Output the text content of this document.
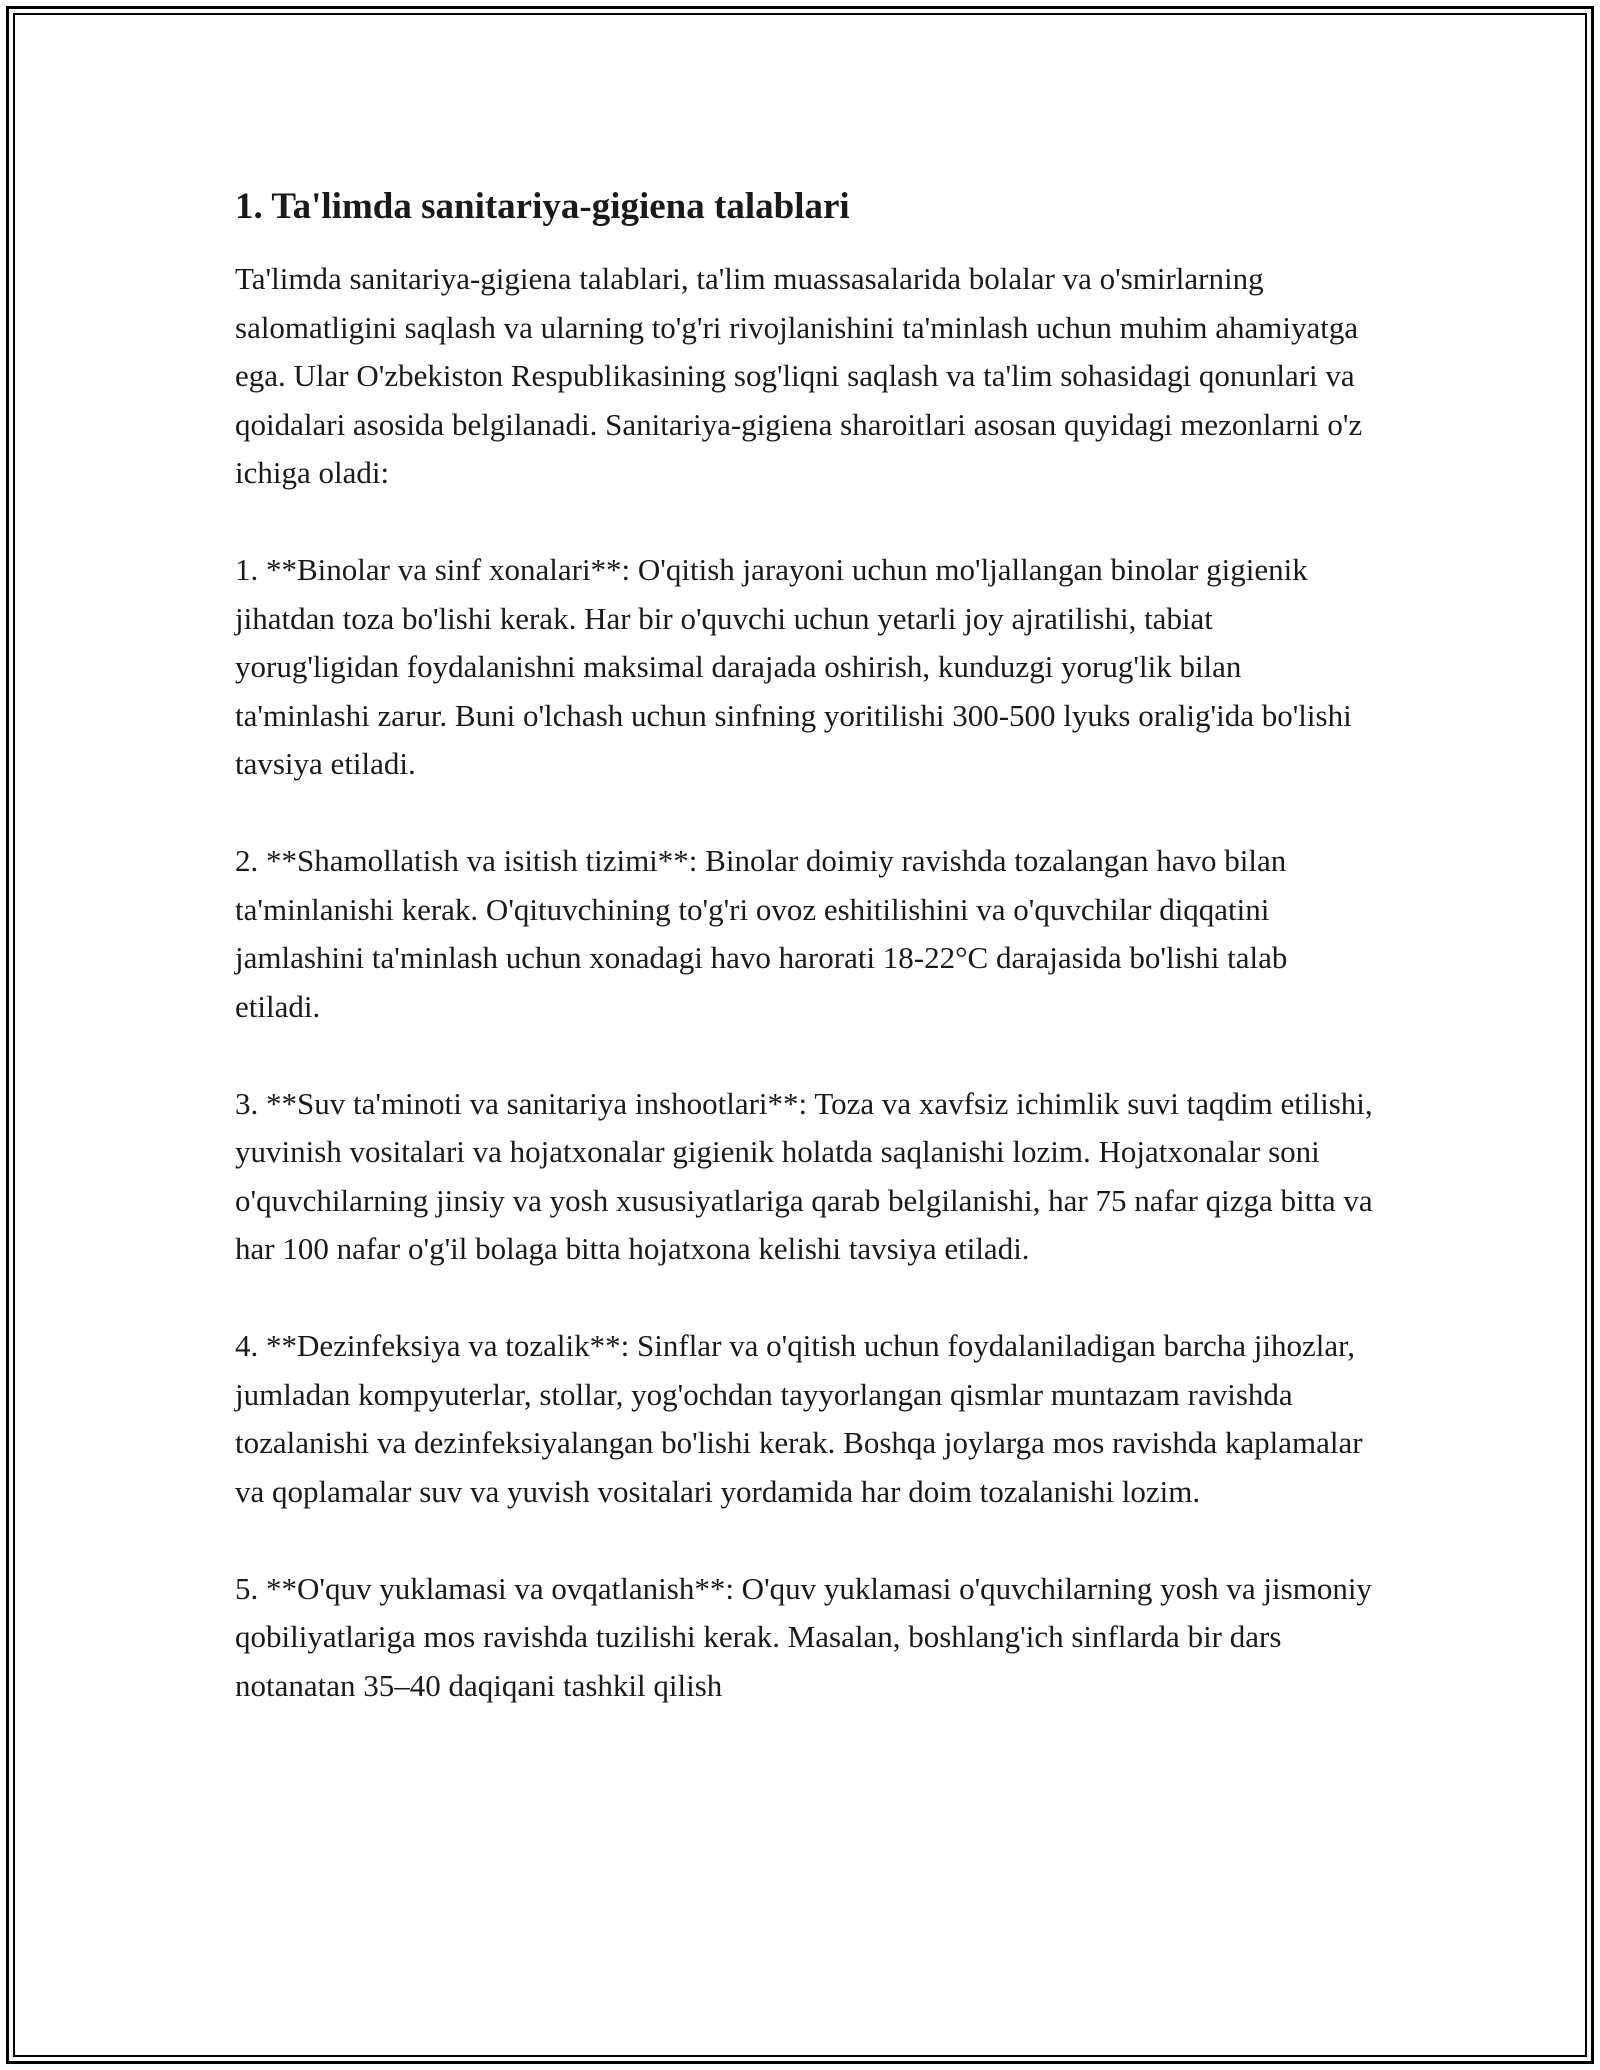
1. Ta'limda sanitariya-gigiena talablari

Ta'limda sanitariya-gigiena talablari, ta'lim muassasalarida bolalar va o'smirlarning salomatligini saqlash va ularning to'g'ri rivojlanishini ta'minlash uchun muhim ahamiyatga ega. Ular O'zbekiston Respublikasining sog'liqni saqlash va ta'lim sohasidagi qonunlari va qoidalari asosida belgilanadi. Sanitariya-gigiena sharoitlari asosan quyidagi mezonlarni o'z ichiga oladi:

1. **Binolar va sinf xonalari**: O'qitish jarayoni uchun mo'ljallangan binolar gigienik jihatdan toza bo'lishi kerak. Har bir o'quvchi uchun yetarli joy ajratilishi, tabiat yorug'ligidan foydalanishni maksimal darajada oshirish, kunduzgi yorug'lik bilan ta'minlashi zarur. Buni o'lchash uchun sinfning yoritilishi 300-500 lyuks oralig'ida bo'lishi tavsiya etiladi.

2. **Shamollatish va isitish tizimi**: Binolar doimiy ravishda tozalangan havo bilan ta'minlanishi kerak. O'qituvchining to'g'ri ovoz eshitilishini va o'quvchilar diqqatini jamlashini ta'minlash uchun xonadagi havo harorati 18-22°C darajasida bo'lishi talab etiladi.

3. **Suv ta'minoti va sanitariya inshootlari**: Toza va xavfsiz ichimlik suvi taqdim etilishi, yuvinish vositalari va hojatxonalar gigienik holatda saqlanishi lozim. Hojatxonalar soni o'quvchilarning jinsiy va yosh xususiyatlariga qarab belgilanishi, har 75 nafar qizga bitta va har 100 nafar o'g'il bolaga bitta hojatxona kelishi tavsiya etiladi.

4. **Dezinfeksiya va tozalik**: Sinflar va o'qitish uchun foydalaniladigan barcha jihozlar, jumladan kompyuterlar, stollar, yog'ochdan tayyorlangan qismlar muntazam ravishda tozalanishi va dezinfeksiyalangan bo'lishi kerak. Boshqa joylarga mos ravishda kaplamalar va qoplamalar suv va yuvish vositalari yordamida har doim tozalanishi lozim.

5. **O'quv yuklamasi va ovqatlanish**: O'quv yuklamasi o'quvchilarning yosh va jismoniy qobiliyatlariga mos ravishda tuzilishi kerak. Masalan, boshlang'ich sinflarda bir dars notanatan 35–40 daqiqani tashkil qilish
